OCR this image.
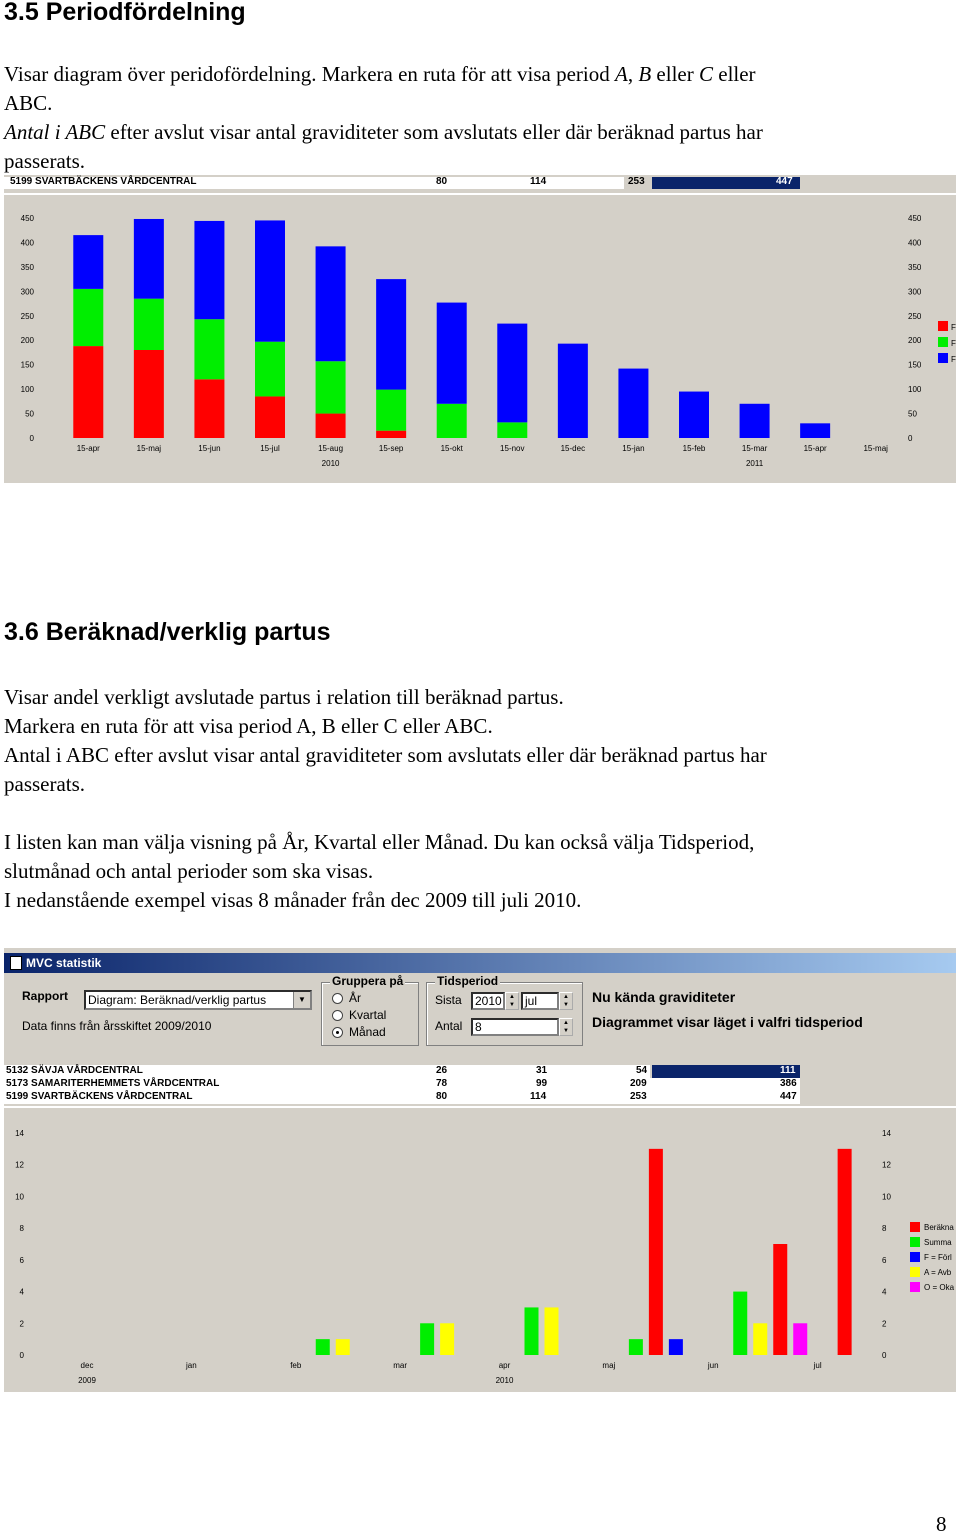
3.5 Periodfördelning

Visar diagram över peridofördelning. Markera en ruta för att visa period A, B eller C eller

ABC.

Antal i ABC efter avslut visar antal graviditeter som avslutats eller där beräknad partus har

passerats.

5199 SVARTBÄCKENS VÅRDCENTRAL	80	114	253	447
0	0
50	50
100	100
150	150
200	200
250	250
300	300
350	350
400	400
450	450
15-apr	15-maj	15-jun	15-jul	15-aug	15-sep	15-okt	15-nov	15-dec	15-jan	15-feb	15-mar	15-apr	15-maj
2010	2011
F
F
F
3.6 Beräknad/verklig partus

Visar andel verkligt avslutade partus i relation till beräknad partus.

Markera en ruta för att visa period A, B eller C eller ABC.

Antal i ABC efter avslut visar antal graviditeter som avslutats eller där beräknad partus har

passerats.

I listen kan man välja visning på År, Kvartal eller Månad. Du kan också välja Tidsperiod,

slutmånad och antal perioder som ska visas.

I nedanstående exempel visas 8 månader från dec 2009 till juli 2010.

MVC statistik
Rapport	Diagram: Beräknad/verklig partus	▼
Data finns från årsskiftet 2009/2010
Gruppera på
År
Kvartal
Månad
Tidsperiod
Sista	2010	▲
▼ jul	▲
▼
Antal	8	▲
▼
Nu kända graviditeter
Diagrammet visar läget i valfri tidsperiod
5132 SÄVJA VÅRDCENTRAL	26	31	54	111
5173 SAMARITERHEMMETS VÅRDCENTRAL	78	99	209	386
5199 SVARTBÄCKENS VÅRDCENTRAL	80	114	253	447
0	0
2	2
4	4
6	6
8	8
10	10
12	12
14	14
dec	jan	feb	mar	apr	maj	jun	jul
2009	2010
Beräkna
Summa
F = Förl
A = Avb
O = Oka
8
